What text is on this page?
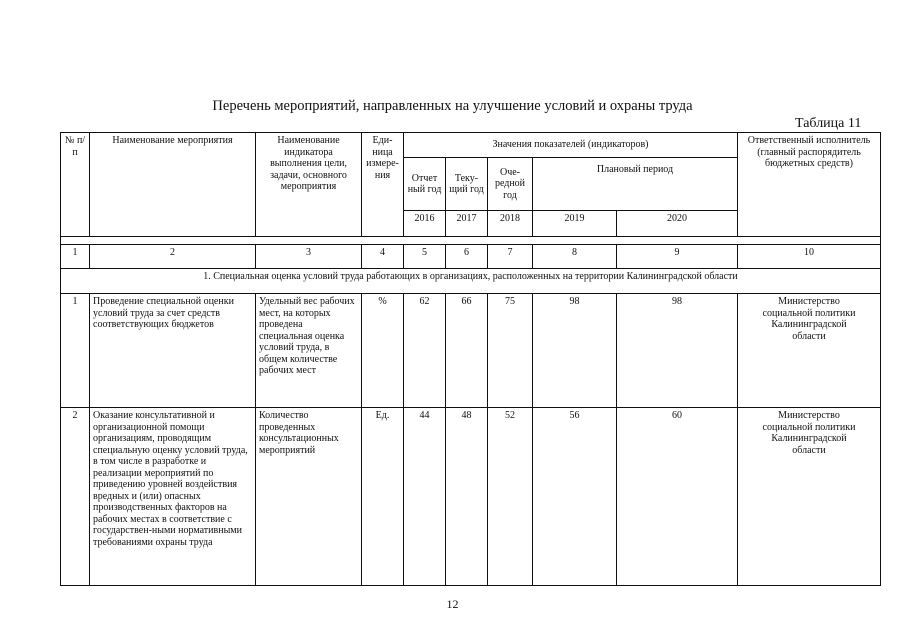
Перечень мероприятий, направленных на улучшение условий и охраны труда
Таблица 11
№ п/п	Наименование мероприятия	Наименование индикатора выполнения цели, задачи, основного мероприятия	Еди-ница измере-ния	Значения показателей (индикаторов)					Ответственный исполнитель (главный распорядитель бюджетных средств)
				Отчет ный год	Теку-щий год	Оче-редной год	Плановый период		
				2016	2017	2018	2019	2020	

1	2	3	4	5	6	7	8	9	10
1. Специальная оценка условий труда работающих в организациях, расположенных на территории Калининградской области									
1	Проведение специальной оценки условий труда за счет средств соответствующих бюджетов	Удельный вес рабочих мест, на которых проведена специальная оценка условий труда, в общем количестве рабочих мест	%	62	66	75	98	98	Министерство социальной политики Калининградской области
2	Оказание консультативной и организационной помощи организациям, проводящим специальную оценку условий труда, в том числе в разработке и реализации мероприятий по приведению уровней воздействия вредных и (или) опасных производственных факторов на рабочих местах в соответствие с государствен-ными нормативными требованиями охраны труда	Количество проведенных консультационных мероприятий	Ед.	44	48	52	56	60	Министерство социальной политики Калининградской области
12
